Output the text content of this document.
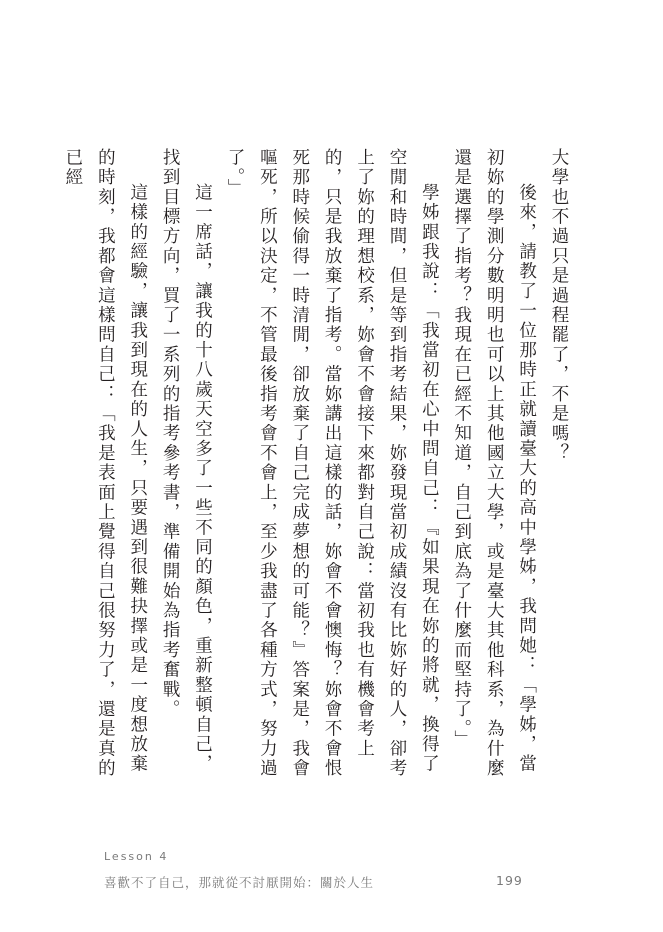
大學也不過只是過程罷了，不是嗎？

後來，請教了一位那時正就讀臺大的高中學姊，我問她：「學姊，當初妳的學測分數明明也可以上其他國立大學，或是臺大其他科系，為什麼還是選擇了指考？我現在已經不知道，自己到底為了什麼而堅持了。」

學姊跟我說：「我當初在心中問自己：『如果現在妳的將就，換得了空閒和時間，但是等到指考結果，妳發現當初成績沒有比妳好的人，卻考上了妳的理想校系，妳會不會接下來都對自己說：當初我也有機會考上的，只是我放棄了指考。當妳講出這樣的話，妳會不會懊悔？妳會不會恨死那時候偷得一時清閒，卻放棄了自己完成夢想的可能？』答案是，我會嘔死，所以決定，不管最後指考會不會上，至少我盡了各種方式，努力過了。」

這一席話，讓我的十八歲天空多了一些不同的顏色，重新整頓自己，找到目標方向，買了一系列的指考參考書，準備開始為指考奮戰。

這樣的經驗，讓我到現在的人生，只要遇到很難抉擇或是一度想放棄的時刻，我都會這樣問自己：「我是表面上覺得自己很努力了，還是真的已經

Lesson 4
喜歡不了自己，那就從不討厭開始：關於人生	199
